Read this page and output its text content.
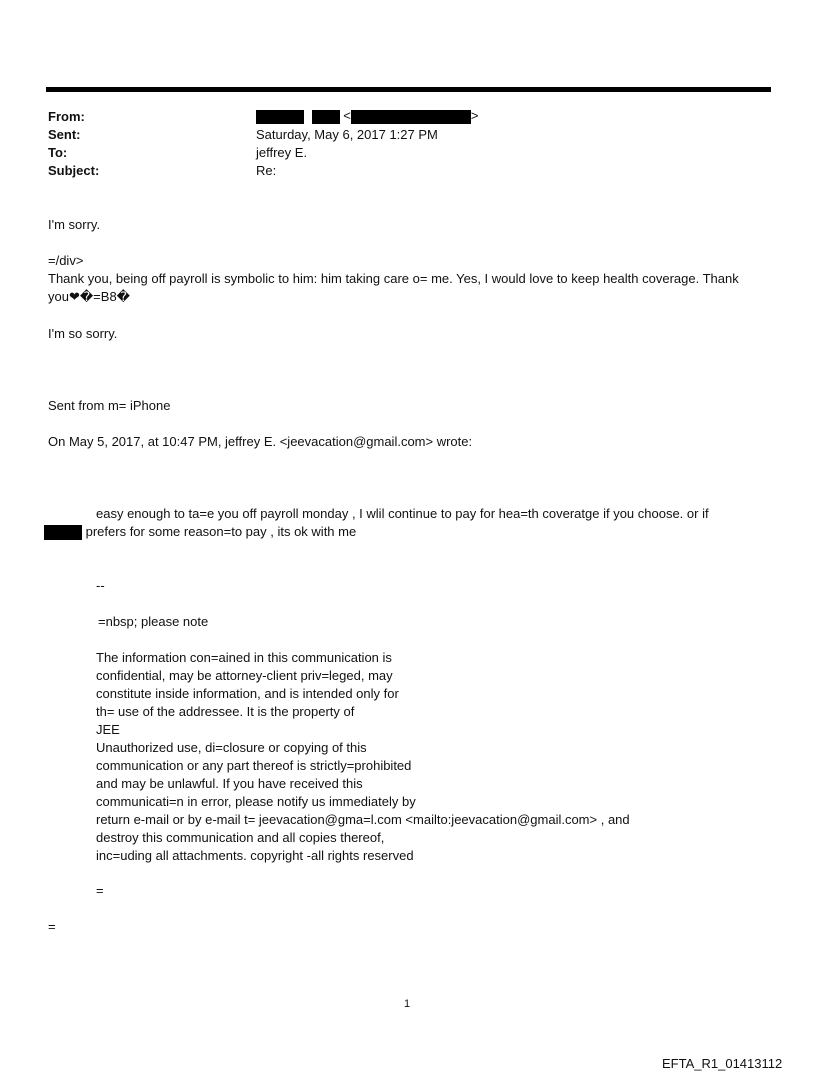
From:	<	>
Sent:	Saturday, May 6, 2017 1:27 PM
To:	jeffrey E.
Subject:	Re:
I'm sorry.
=/div>
Thank you, being off payroll is symbolic to him: him taking care o= me. Yes, I would love to keep health coverage. Thank
you❤�=B8�
I'm so sorry.
Sent from m= iPhone
On May 5, 2017, at 10:47 PM, jeffrey E. <jeevacation@gmail.com> wrote:
easy enough to ta=e you off payroll monday , I wlil continue to pay for hea=th coveratge if you choose. or if
prefers for some reason=to pay , its ok with me
--
=nbsp; please note
The information con=ained in this communication is
confidential, may be attorney-client priv=leged, may
constitute inside information, and is intended only for
th= use of the addressee. It is the property of
JEE
Unauthorized use, di=closure or copying of this
communication or any part thereof is strictly=prohibited
and may be unlawful. If you have received this
communicati=n in error, please notify us immediately by
return e-mail or by e-mail t= jeevacation@gma=l.com <mailto:jeevacation@gmail.com> , and
destroy this communication and all copies thereof,
inc=uding all attachments. copyright -all rights reserved
=
=
1
EFTA_R1_01413112
